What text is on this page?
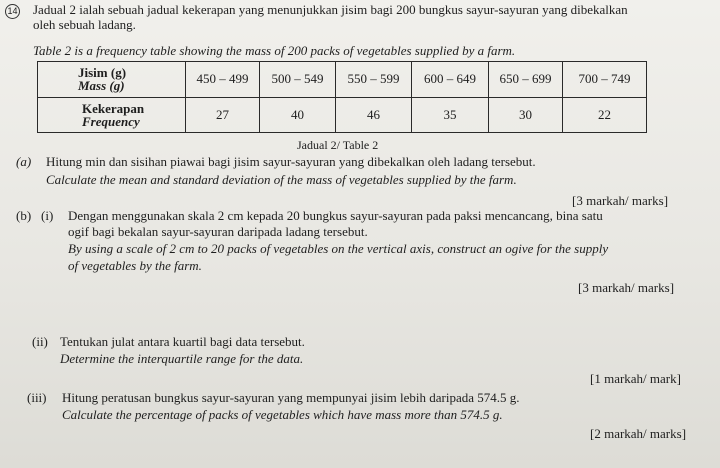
14 Jadual 2 ialah sebuah jadual kekerapan yang menunjukkan jisim bagi 200 bungkus sayur-sayuran yang dibekalkan
oleh sebuah ladang.
Table 2 is a frequency table showing the mass of 200 packs of vegetables supplied by a farm.
Jisim (g)
Mass (g)	450 – 499	500 – 549	550 – 599	600 – 649	650 – 699	700 – 749

Kekerapan
Frequency	27	40	46	35	30	22
Jadual 2/ Table 2
(a) Hitung min dan sisihan piawai bagi jisim sayur-sayuran yang dibekalkan oleh ladang tersebut.
Calculate the mean and standard deviation of the mass of vegetables supplied by the farm.
[3 markah/ marks]
(b) (i) Dengan menggunakan skala 2 cm kepada 20 bungkus sayur-sayuran pada paksi mencancang, bina satu
ogif bagi bekalan sayur-sayuran daripada ladang tersebut.
By using a scale of 2 cm to 20 packs of vegetables on the vertical axis, construct an ogive for the supply
of vegetables by the farm.
[3 markah/ marks]
(ii) Tentukan julat antara kuartil bagi data tersebut.
Determine the interquartile range for the data.
[1 markah/ mark]
(iii) Hitung peratusan bungkus sayur-sayuran yang mempunyai jisim lebih daripada 574.5 g.
Calculate the percentage of packs of vegetables which have mass more than 574.5 g.
[2 markah/ marks]
